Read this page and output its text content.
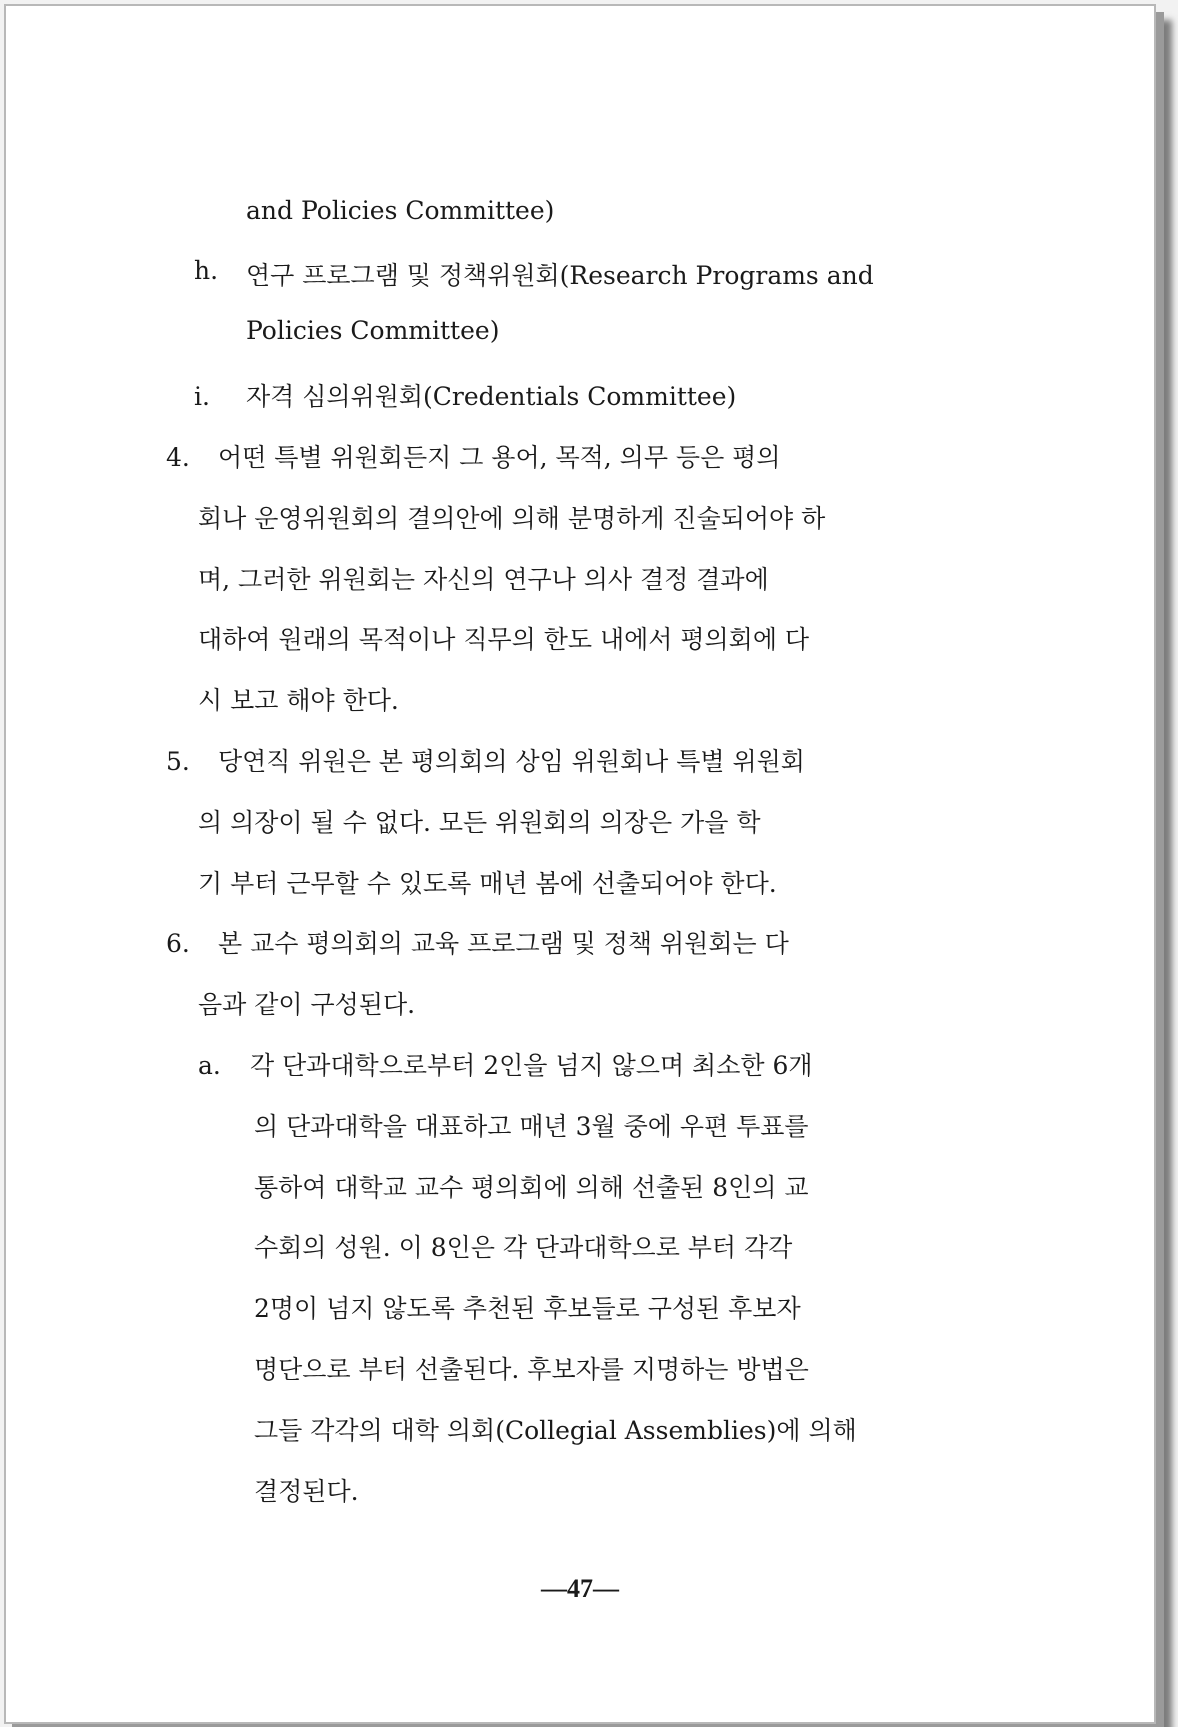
and Policies Committee)
h.	연구 프로그램 및 정책위원회(Research Programs and
Policies Committee)
i. 자격 심의위원회(Credentials Committee)
4. 어떤 특별 위원회든지 그 용어, 목적, 의무 등은 평의
회나 운영위원회의 결의안에 의해 분명하게 진술되어야 하
며, 그러한 위원회는 자신의 연구나 의사 결정 결과에
대하여 원래의 목적이나 직무의 한도 내에서 평의회에 다
시 보고 해야 한다.
5. 당연직 위원은 본 평의회의 상임 위원회나 특별 위원회
의 의장이 될 수 없다. 모든 위원회의 의장은 가을 학
기 부터 근무할 수 있도록 매년 봄에 선출되어야 한다.
6. 본 교수 평의회의 교육 프로그램 및 정책 위원회는 다
음과 같이 구성된다.
a. 각 단과대학으로부터 2인을 넘지 않으며 최소한 6개
의 단과대학을 대표하고 매년 3월 중에 우편 투표를
통하여 대학교 교수 평의회에 의해 선출된 8인의 교
수회의 성원. 이 8인은 각 단과대학으로 부터 각각
2명이 넘지 않도록 추천된 후보들로 구성된 후보자
명단으로 부터 선출된다. 후보자를 지명하는 방법은
그들 각각의 대학 의회(Collegial Assemblies)에 의해
결정된다.
—47—
